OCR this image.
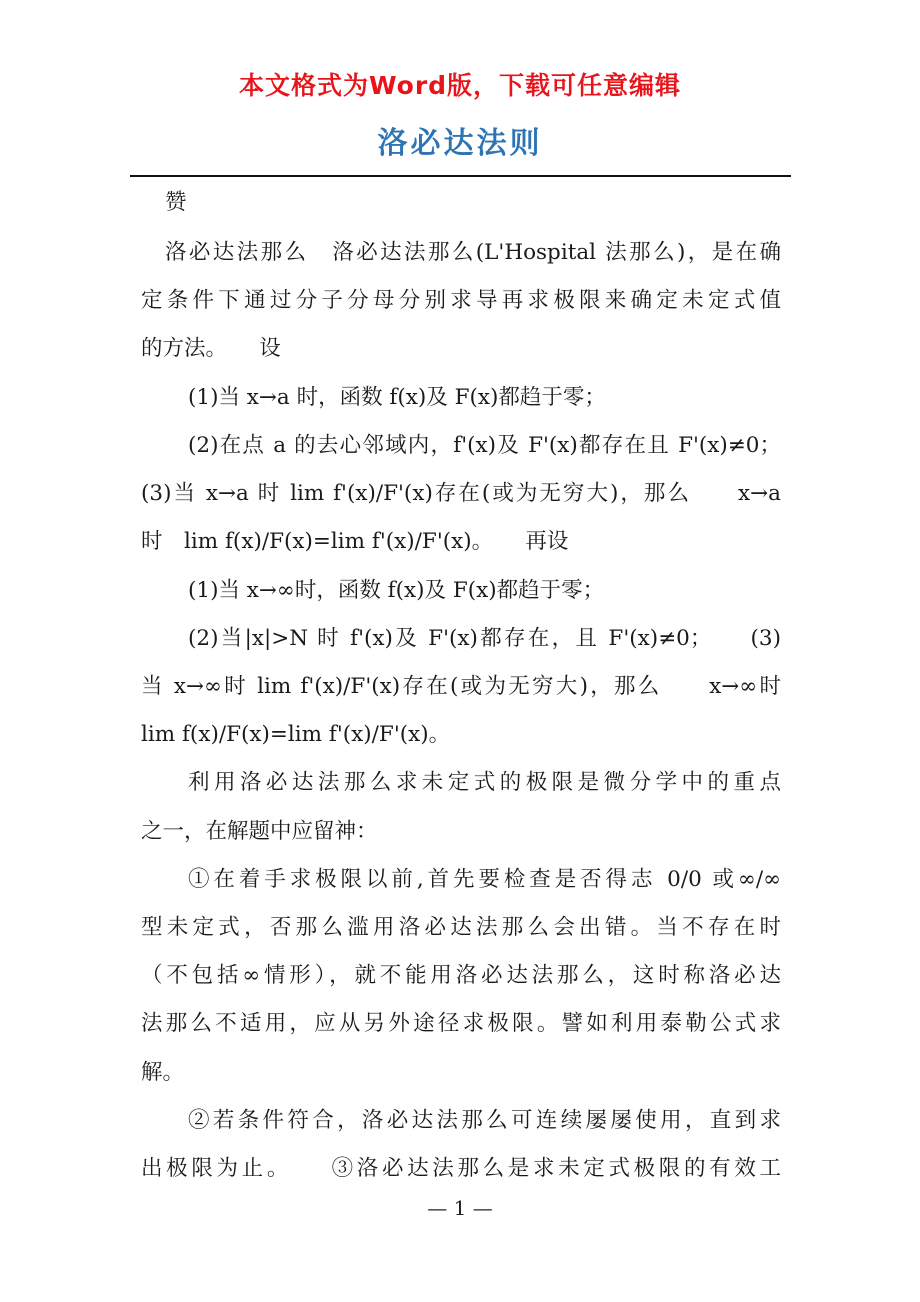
本文格式为Word版，下载可任意编辑
洛必达法则
赞
洛必达法那么　洛必达法那么(L'Hospital 法那么)，是在确
定条件下通过分子分母分别求导再求极限来确定未定式值
的方法。　　设
(1)当 x→a 时，函数 f(x)及 F(x)都趋于零；
(2)在点 a 的去心邻域内，f'(x)及 F'(x)都存在且 F'(x)≠0；
(3)当 x→a 时 lim f'(x)/F'(x)存在(或为无穷大)，那么　　x→a
时　lim f(x)/F(x)=lim f'(x)/F'(x)。　　再设
(1)当 x→∞时，函数 f(x)及 F(x)都趋于零；
(2)当|x|>N 时 f'(x)及 F'(x)都存在，且 F'(x)≠0；　　(3)
当 x→∞时 lim f'(x)/F'(x)存在(或为无穷大)，那么　　x→∞时
lim f(x)/F(x)=lim f'(x)/F'(x)。
利用洛必达法那么求未定式的极限是微分学中的重点
之一，在解题中应留神：
①在着手求极限以前,首先要检查是否得志 0/0 或∞/∞
型未定式，否那么滥用洛必达法那么会出错。当不存在时
（不包括∞情形），就不能用洛必达法那么，这时称洛必达
法那么不适用，应从另外途径求极限。譬如利用泰勒公式求
解。
②若条件符合，洛必达法那么可连续屡屡使用，直到求
出极限为止。　　③洛必达法那么是求未定式极限的有效工
— 1 —
